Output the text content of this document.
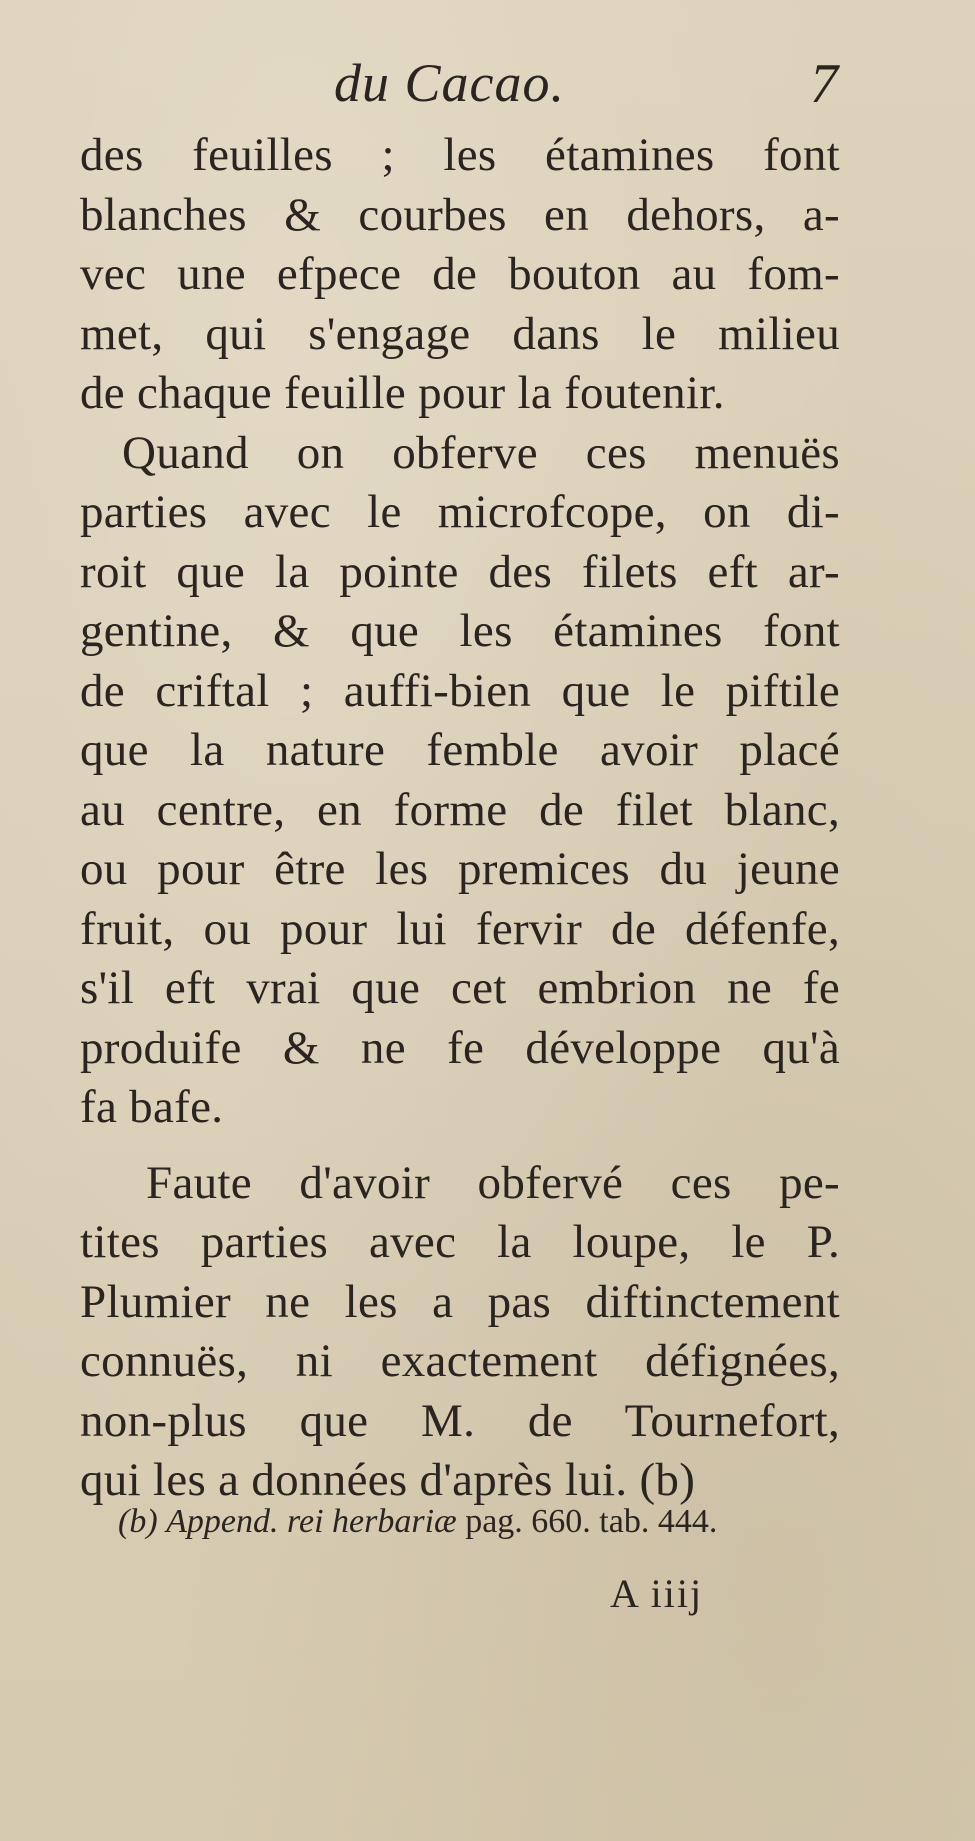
du Cacao.	7
des feuilles ; les étamines font
blanches & courbes en dehors, a-
vec une efpece de bouton au fom-
met, qui s'engage dans le milieu
de chaque feuille pour la foutenir.
Quand on obferve ces menuës
parties avec le microfcope, on di-
roit que la pointe des filets eft ar-
gentine, & que les étamines font
de criftal ; auffi-bien que le piftile
que la nature femble avoir placé
au centre, en forme de filet blanc,
ou pour être les premices du jeune
fruit, ou pour lui fervir de défenfe,
s'il eft vrai que cet embrion ne fe
produife & ne fe développe qu'à
fa bafe.
Faute d'avoir obfervé ces pe-
tites parties avec la loupe, le P.
Plumier ne les a pas diftinctement
connuës, ni exactement défignées,
non-plus que M. de Tournefort,
qui les a données d'après lui. (b)
(b) Append. rei herbariæ pag. 660. tab. 444.
A iiij
